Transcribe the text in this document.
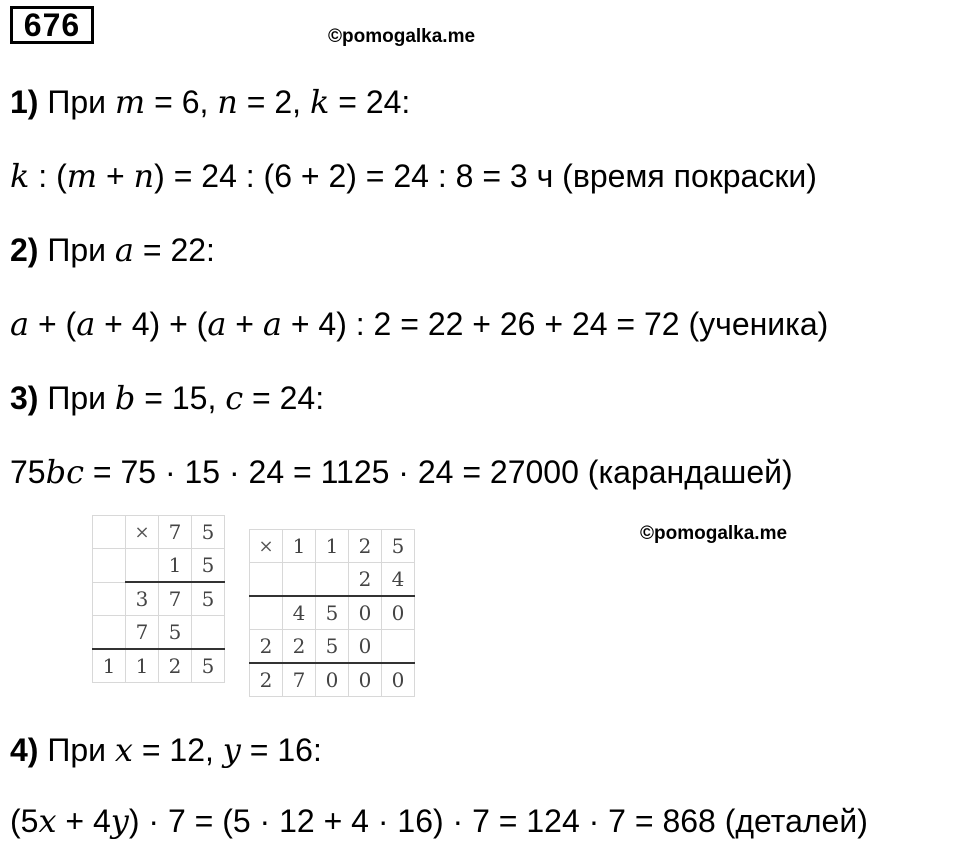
676	©pomogalka.me
©pomogalka.me
1) При m = 6, n = 2, k = 24:
k : (m + n) = 24 : (6 + 2) = 24 : 8 = 3 ч (время покраски)
2) При a = 22:
a + (a + 4) + (a + a + 4) : 2 = 22 + 26 + 24 = 72 (ученика)
3) При b = 15, c = 24:
75bc = 75 · 15 · 24 = 1125 · 24 = 27000 (карандашей)
	×	7	5
		1	5
	3	7	5
	7	5	
1	1	2	5
×	1	1	2	5
			2	4
	4	5	0	0
2	2	5	0	
2	7	0	0	0
4) При x = 12, y = 16:
(5x + 4y) · 7 = (5 · 12 + 4 · 16) · 7 = 124 · 7 = 868 (деталей)
